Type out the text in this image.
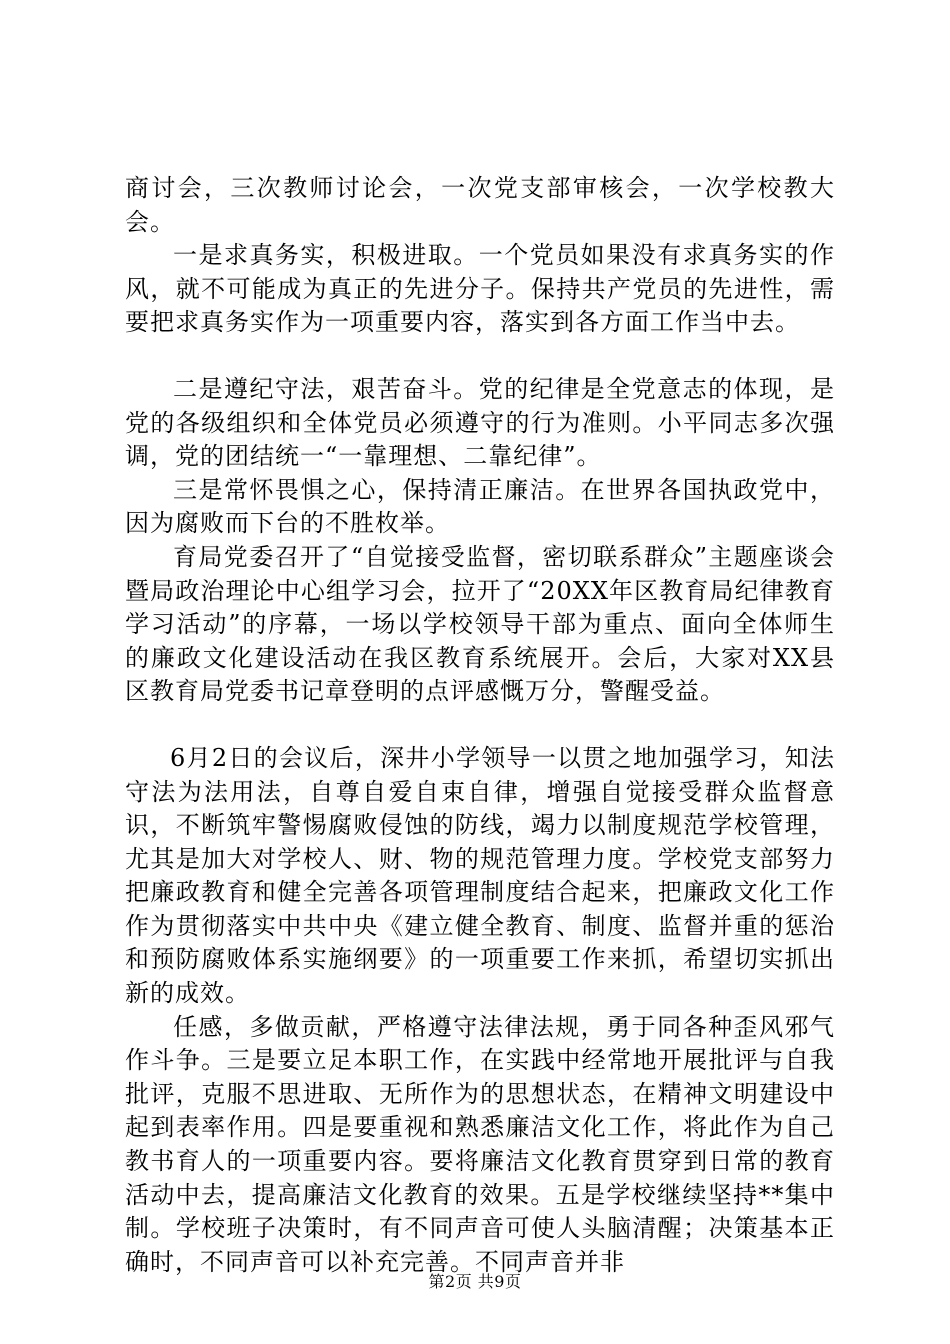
商讨会，三次教师讨论会，一次党支部审核会，一次学校教大会。

一是求真务实，积极进取。一个党员如果没有求真务实的作风，就不可能成为真正的先进分子。保持共产党员的先进性，需要把求真务实作为一项重要内容，落实到各方面工作当中去。

二是遵纪守法，艰苦奋斗。党的纪律是全党意志的体现，是党的各级组织和全体党员必须遵守的行为准则。小平同志多次强调，党的团结统一“一靠理想、二靠纪律”。

三是常怀畏惧之心，保持清正廉洁。在世界各国执政党中，因为腐败而下台的不胜枚举。

育局党委召开了“自觉接受监督，密切联系群众”主题座谈会暨局政治理论中心组学习会，拉开了“20XX年区教育局纪律教育学习活动”的序幕，一场以学校领导干部为重点、面向全体师生的廉政文化建设活动在我区教育系统展开。会后，大家对XX县区教育局党委书记章登明的点评感慨万分，警醒受益。

6月2日的会议后，深井小学领导一以贯之地加强学习，知法守法为法用法，自尊自爱自束自律，增强自觉接受群众监督意识，不断筑牢警惕腐败侵蚀的防线，竭力以制度规范学校管理，尤其是加大对学校人、财、物的规范管理力度。学校党支部努力把廉政教育和健全完善各项管理制度结合起来，把廉政文化工作作为贯彻落实中共中央《建立健全教育、制度、监督并重的惩治和预防腐败体系实施纲要》的一项重要工作来抓，希望切实抓出新的成效。

任感，多做贡献，严格遵守法律法规，勇于同各种歪风邪气作斗争。三是要立足本职工作，在实践中经常地开展批评与自我批评，克服不思进取、无所作为的思想状态，在精神文明建设中起到表率作用。四是要重视和熟悉廉洁文化工作，将此作为自己教书育人的一项重要内容。要将廉洁文化教育贯穿到日常的教育活动中去，提高廉洁文化教育的效果。五是学校继续坚持**集中制。学校班子决策时，有不同声音可使人头脑清醒；决策基本正确时，不同声音可以补充完善。不同声音并非

第2页 共9页
